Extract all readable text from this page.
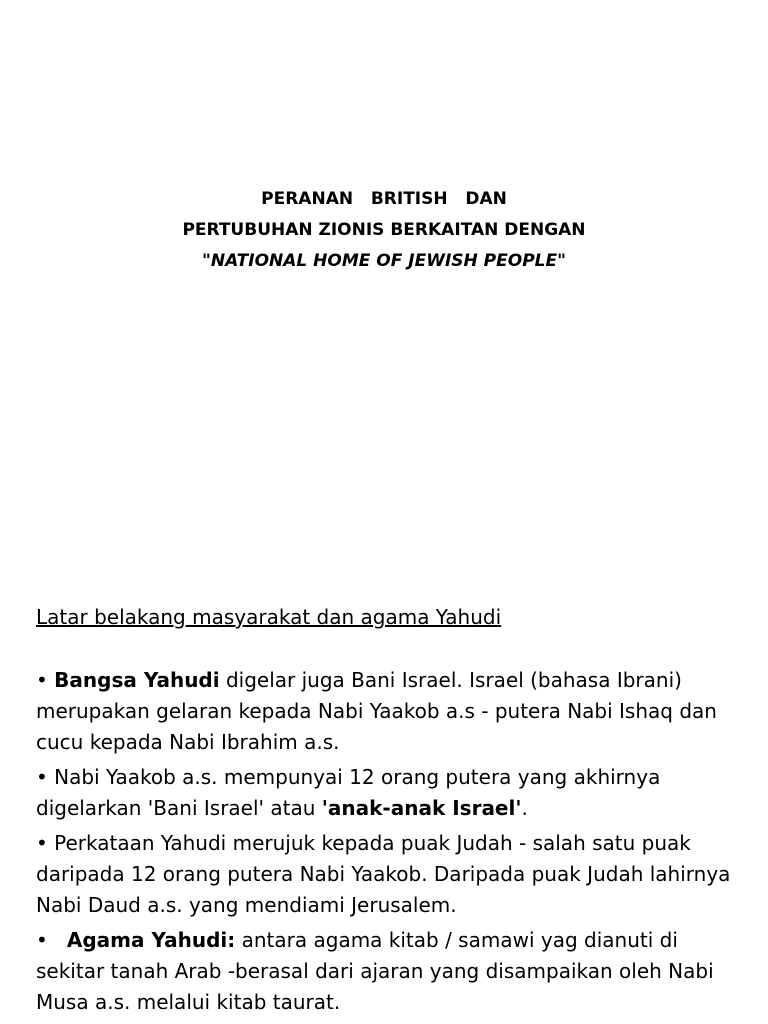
PERANAN   BRITISH   DAN
PERTUBUHAN ZIONIS BERKAITAN DENGAN
"NATIONAL HOME OF JEWISH PEOPLE"
Latar belakang masyarakat dan agama Yahudi
• Bangsa Yahudi digelar juga Bani Israel. Israel (bahasa Ibrani) merupakan gelaran kepada Nabi Yaakob a.s - putera Nabi Ishaq dan cucu kepada Nabi Ibrahim a.s.
• Nabi Yaakob a.s. mempunyai 12 orang putera yang akhirnya digelarkan 'Bani Israel' atau 'anak-anak Israel'.
• Perkataan Yahudi merujuk kepada puak Judah - salah satu puak daripada 12 orang putera Nabi Yaakob. Daripada puak Judah lahirnya Nabi Daud a.s. yang mendiami Jerusalem.
•   Agama Yahudi: antara agama kitab / samawi yag dianuti di sekitar tanah Arab -berasal dari ajaran yang disampaikan oleh Nabi Musa a.s. melalui kitab taurat.
